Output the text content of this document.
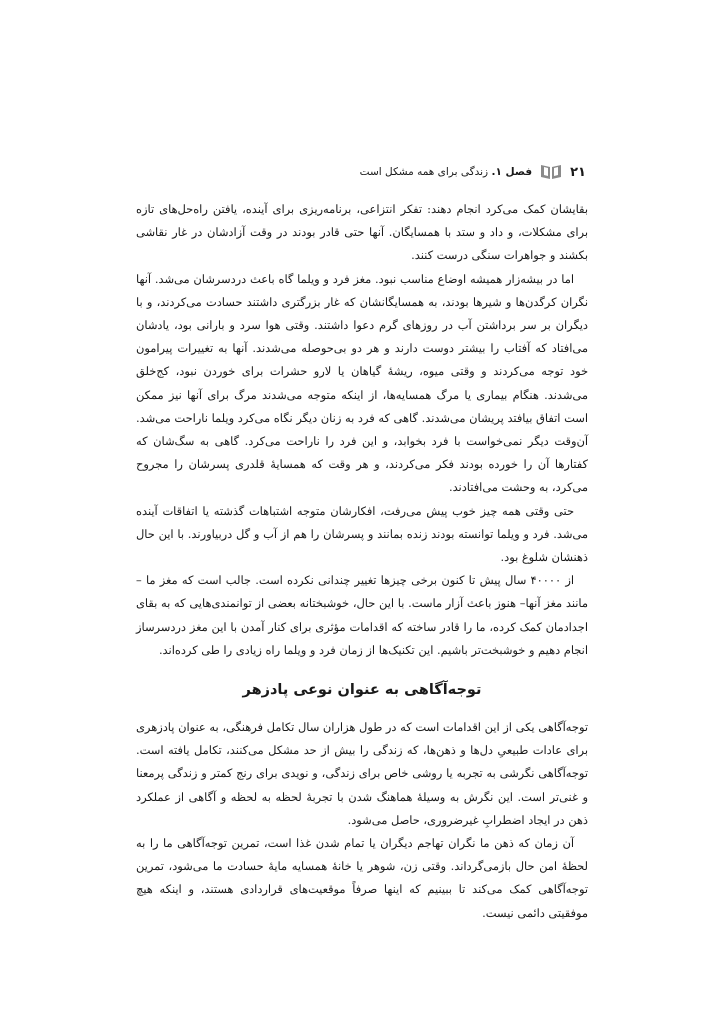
۲۱
فصل ۱. زندگی برای همه مشکل است

بقایشان کمک می‌کرد انجام دهند: تفکر انتزاعی، برنامه‌ریزی برای آینده، یافتن راه‌حل‌های تازه برای مشکلات، و داد و ستد با همسایگان. آنها حتی قادر بودند در وقت آزادشان در غار نقاشی بکشند و جواهرات سنگی درست کنند.

اما در بیشه‌زار همیشه اوضاع مناسب نبود. مغز فرد و ویلما گاه باعث دردسرشان می‌شد. آنها نگران کرگدن‌ها و شیرها بودند، به همسایگانشان که غار بزرگتری داشتند حسادت می‌کردند، و با دیگران بر سر برداشتن آب در روزهای گرم دعوا داشتند. وقتی هوا سرد و بارانی بود، یادشان می‌افتاد که آفتاب را بیشتر دوست دارند و هر دو بی‌حوصله می‌شدند. آنها به تغییرات پیرامون خود توجه می‌کردند و وقتی میوه، ریشهٔ گیاهان یا لارو حشرات برای خوردن نبود، کج‌خلق می‌شدند. هنگام بیماری یا مرگ همسایه‌ها، از اینکه متوجه می‌شدند مرگ برای آنها نیز ممکن است اتفاق بیافتد پریشان می‌شدند. گاهی که فرد به زنان دیگر نگاه می‌کرد ویلما ناراحت می‌شد. آن‌وقت دیگر نمی‌خواست با فرد بخوابد، و این فرد را ناراحت می‌کرد. گاهی به سگ‌شان که کفتارها آن را خورده بودند فکر می‌کردند، و هر وقت که همسایهٔ قلدری پسرشان را مجروح می‌کرد، به وحشت می‌افتادند.

حتی وقتی همه چیز خوب پیش می‌رفت، افکارشان متوجه اشتباهات گذشته یا اتفاقات آینده می‌شد. فرد و ویلما توانسته بودند زنده بمانند و پسرشان را هم از آب و گل دربیاورند. با این حال ذهنشان شلوغ بود.

از ۴۰۰۰۰ سال پیش تا کنون برخی چیزها تغییر چندانی نکرده است. جالب است که مغز ما – مانند مغز آنها– هنوز باعث آزار ماست. با این حال، خوشبختانه بعضی از توانمندی‌هایی که به بقای اجدادمان کمک کرده، ما را قادر ساخته که اقدامات مؤثری برای کنار آمدن با این مغز دردسرساز انجام دهیم و خوشبخت‌تر باشیم. این تکنیک‌ها از زمان فرد و ویلما راه زیادی را طی کرده‌اند.

توجه‌آگاهی به عنوان نوعی پادزهر

توجه‌آگاهی یکی از این اقدامات است که در طول هزاران سال تکامل فرهنگی، به عنوان پادزهری برای عادات طبیعیِ دل‌ها و ذهن‌ها، که زندگی را بیش از حد مشکل می‌کنند، تکامل یافته است. توجه‌آگاهی نگرشی به تجربه یا روشی خاص برای زندگی، و نویدی برای رنج کمتر و زندگی پرمعنا و غنی‌تر است. این نگرش به وسیلهٔ هماهنگ شدن با تجربهٔ لحظه به لحظه و آگاهی از عملکرد ذهن در ایجاد اضطرابِ غیرضروری، حاصل می‌شود.

آن زمان که ذهن ما نگران تهاجم دیگران یا تمام شدن غذا است، تمرین توجه‌آگاهی ما را به لحظهٔ امن حال بازمی‌گرداند. وقتی زن، شوهر یا خانهٔ همسایه مایهٔ حسادت ما می‌شود، تمرین توجه‌آگاهی کمک می‌کند تا ببینیم که اینها صرفاً موقعیت‌های قراردادی هستند، و اینکه هیچ موفقیتی دائمی نیست.
